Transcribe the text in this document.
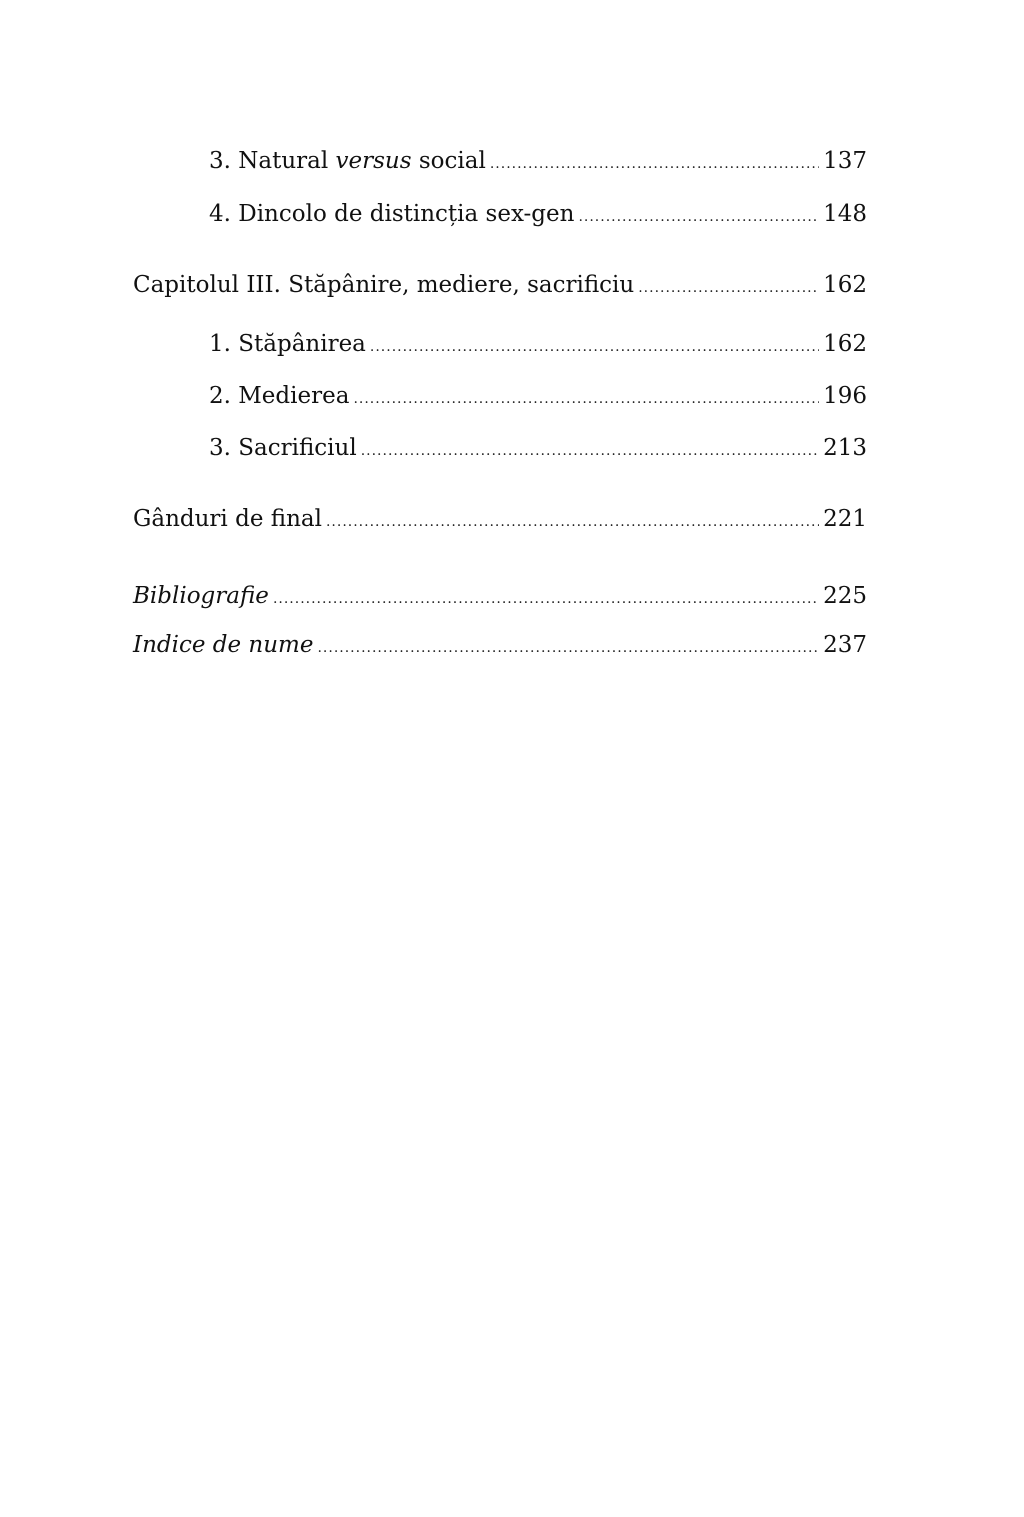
3. Natural versus social .....	137
4. Dincolo de distincția sex-gen .....	148
Capitolul III. Stăpânire, mediere, sacrificiu .....	162
1. Stăpânirea .....	162
2. Medierea .....	196
3. Sacrificiul .....	213
Gânduri de final .....	221
Bibliografie .....	225
Indice de nume .....	237
